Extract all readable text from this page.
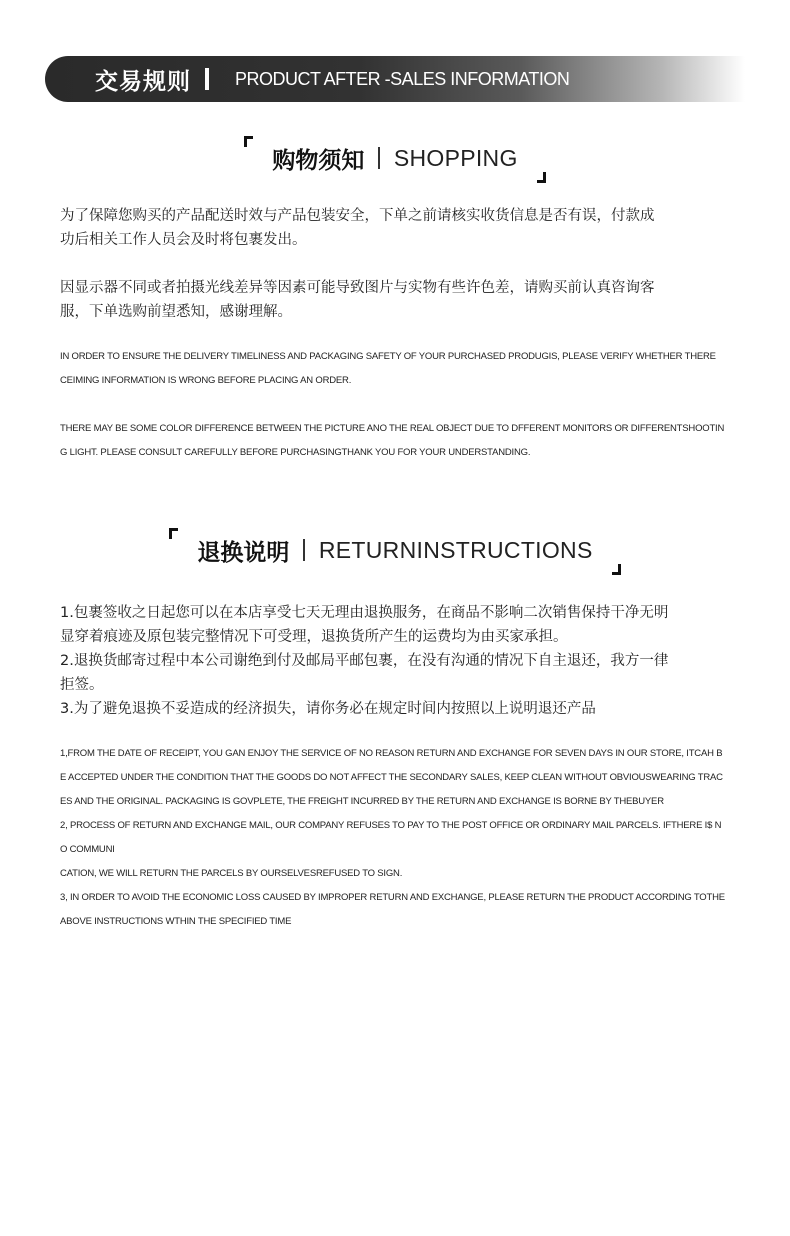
交易规则 PRODUCT AFTER -SALES INFORMATION
购物须知 SHOPPING

为了保障您购买的产品配送时效与产品包装安全，下单之前请核实收货信息是否有误，付款成
功后相关工作人员会及时将包裹发出。

因显示器不同或者拍摄光线差异等因素可能导致图片与实物有些许色差，请购买前认真咨询客
服，下单选购前望悉知，感谢理解。

IN ORDER TO ENSURE THE DELIVERY TIMELINESS AND PACKAGING SAFETY OF YOUR PURCHASED PRODUGIS, PLEASE VERIFY WHETHER THERE
CEIMING INFORMATION IS WRONG BEFORE PLACING AN ORDER.

THERE MAY BE SOME COLOR DIFFERENCE BETWEEN THE PICTURE ANO THE REAL OBJECT DUE TO DFFERENT MONITORS OR DIFFERENTSHOOTIN
G LIGHT. PLEASE CONSULT CAREFULLY BEFORE PURCHASINGTHANK YOU FOR YOUR UNDERSTANDING.

退换说明 RETURNINSTRUCTIONS

1.包裹签收之日起您可以在本店享受七天无理由退换服务，在商品不影响二次销售保持干净无明
显穿着痕迹及原包装完整情况下可受理，退换货所产生的运费均为由买家承担。
2.退换货邮寄过程中本公司谢绝到付及邮局平邮包裹，在没有沟通的情况下自主退还，我方一律
拒签。
3.为了避免退换不妥造成的经济损失，请你务必在规定时间内按照以上说明退还产品

1,FROM THE DATE OF RECEIPT, YOU GAN ENJOY THE SERVICE OF NO REASON RETURN AND EXCHANGE FOR SEVEN DAYS IN OUR STORE, ITCAH B
E ACCEPTED UNDER THE CONDITION THAT THE GOODS DO NOT AFFECT THE SECONDARY SALES, KEEP CLEAN WITHOUT OBVIOUSWEARING TRAC
ES AND THE ORIGINAL. PACKAGING IS GOVPLETE, THE FREIGHT INCURRED BY THE RETURN AND EXCHANGE IS BORNE BY THEBUYER
2, PROCESS OF RETURN AND EXCHANGE MAIL, OUR COMPANY REFUSES TO PAY TO THE POST OFFICE OR ORDINARY MAIL PARCELS. IFTHERE I$ N
O COMMUNI
CATION, WE WILL RETURN THE PARCELS BY OURSELVESREFUSED TO SIGN.
3, IN ORDER TO AVOID THE ECONOMIC LOSS CAUSED BY IMPROPER RETURN AND EXCHANGE, PLEASE RETURN THE PRODUCT ACCORDING TOTHE
ABOVE INSTRUCTIONS WTHIN THE SPECIFIED TIME
